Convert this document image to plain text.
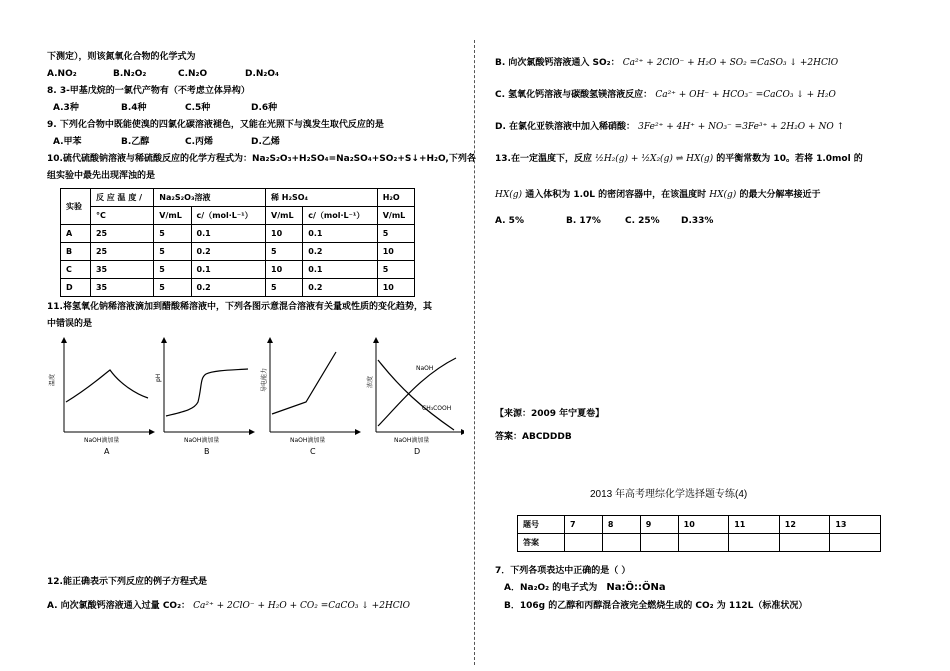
下测定），则该氮氧化合物的化学式为
A.NO₂	B.N₂O₂	C.N₂O	D.N₂O₄
8. 3-甲基戊烷的一氯代产物有（不考虑立体异构）
A.3种	B.4种	C.5种	D.6种
9. 下列化合物中既能使溴的四氯化碳溶液褪色，又能在光照下与溴发生取代反应的是
A.甲苯	B.乙醇	C.丙烯	D.乙烯
10.硫代硫酸钠溶液与稀硫酸反应的化学方程式为：Na₂S₂O₃+H₂SO₄=Na₂SO₄+SO₂+S↓+H₂O,下列各
组实验中最先出现浑浊的是
实验	反 应 温 度 /	Na₂S₂O₃溶液		稀 H₂SO₄		H₂O
	°C	V/mL	c/（mol·L⁻¹）	V/mL	c/（mol·L⁻¹）	V/mL
A	25	5	0.1	10	0.1	5
B	25	5	0.2	5	0.2	10
C	35	5	0.1	10	0.1	5
D	35	5	0.2	5	0.2	10
11.将氢氧化钠稀溶液滴加到醋酸稀溶液中，下列各图示意混合溶液有关量或性质的变化趋势，其
中错误的是
温度
NaOH滴加量
A
pH
NaOH滴加量
B
导电能力
NaOH滴加量
C
浓度
NaOH
CH₃COOH
NaOH滴加量
D
12.能正确表示下列反应的例子方程式是
A. 向次氯酸钙溶液通入过量 CO₂： Ca²⁺ + 2ClO⁻ + H₂O + CO₂ =CaCO₃ ↓ +2HClO
B. 向次氯酸钙溶液通入 SO₂： Ca²⁺ + 2ClO⁻ + H₂O + SO₂ =CaSO₃ ↓ +2HClO
C. 氢氧化钙溶液与碳酸氢镁溶液反应： Ca²⁺ + OH⁻ + HCO₃⁻ =CaCO₃ ↓ + H₂O
D. 在氯化亚铁溶液中加入稀硝酸： 3Fe²⁺ + 4H⁺ + NO₃⁻ =3Fe³⁺ + 2H₂O + NO ↑
13.在一定温度下，反应 ½H₂(g) + ½X₂(g) ⇌ HX(g) 的平衡常数为 10。若将 1.0mol 的
HX(g) 通入体积为 1.0L 的密闭容器中，在该温度时 HX(g) 的最大分解率接近于
A. 5%	B. 17%	C. 25% D.33%
【来源：2009 年宁夏卷】
答案：ABCDDDB
2013 年高考理综化学选择题专练(4)
题号	7	8	9	10	11	12	13
答案							
7．下列各项表达中正确的是（ ）
A．Na₂O₂ 的电子式为 Na:Ö::ÖNa
B．106g 的乙醇和丙醇混合液完全燃烧生成的 CO₂ 为 112L（标准状况）
